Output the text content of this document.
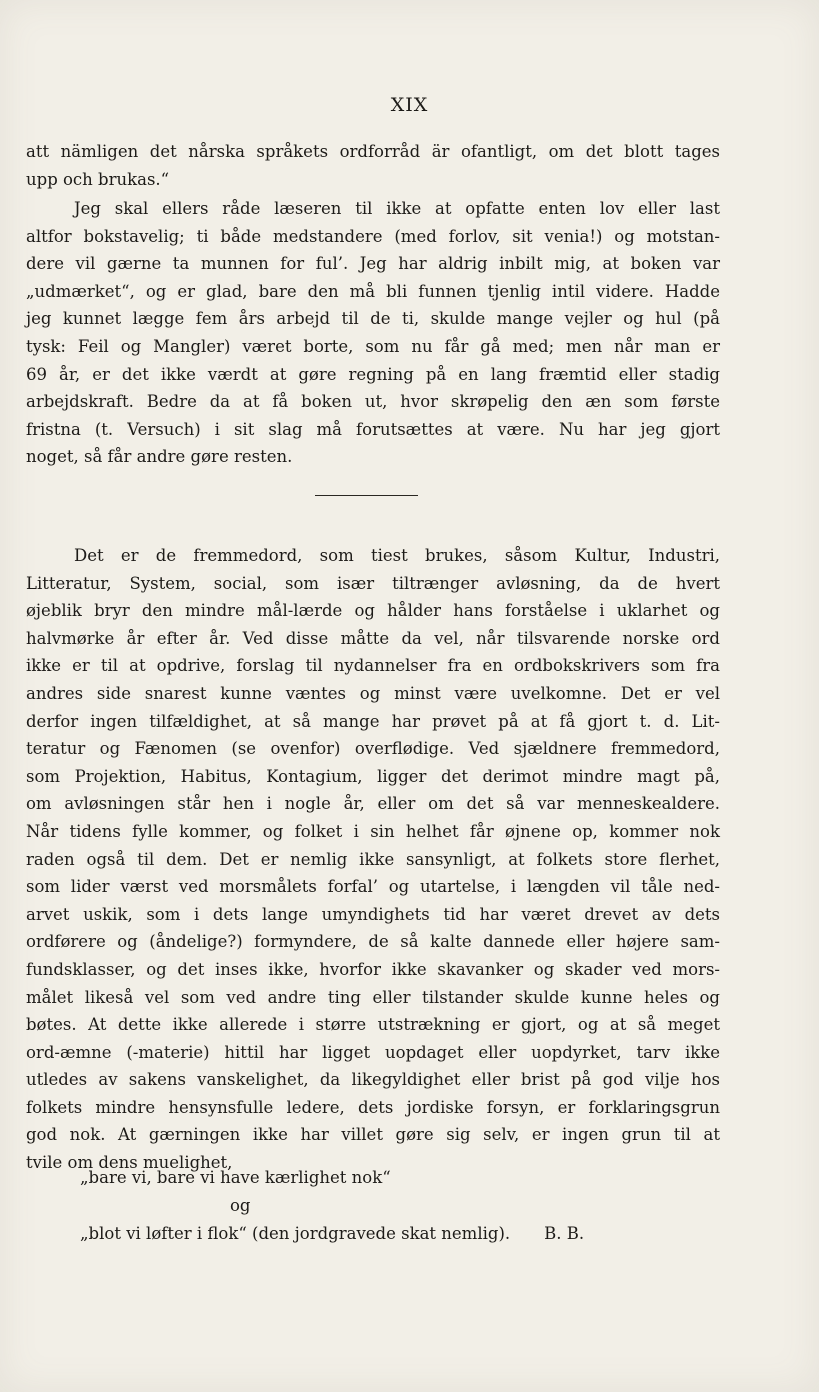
XIX
att nämligen det nårska språkets ordforråd är ofantligt, om det blott tages
upp och brukas.“
Jeg skal ellers råde læseren til ikke at opfatte enten lov eller last
altfor bokstavelig; ti både medstandere (med forlov, sit venia!) og motstan-
dere vil gærne ta munnen for ful’. Jeg har aldrig inbilt mig, at boken var
„udmærket“, og er glad, bare den må bli funnen tjenlig intil videre. Hadde
jeg kunnet lægge fem års arbejd til de ti, skulde mange vejler og hul (på
tysk: Feil og Mangler) været borte, som nu får gå med; men når man er
69 år, er det ikke værdt at gøre regning på en lang fræmtid eller stadig
arbejdskraft. Bedre da at få boken ut, hvor skrøpelig den æn som første
fristna (t. Versuch) i sit slag må forutsættes at være. Nu har jeg gjort
noget, så får andre gøre resten.
Det er de fremmedord, som tiest brukes, såsom Kultur, Industri,
Litteratur, System, social, som især tiltrænger avløsning, da de hvert
øjeblik bryr den mindre mål-lærde og hålder hans forståelse i uklarhet og
halvmørke år efter år. Ved disse måtte da vel, når tilsvarende norske ord
ikke er til at opdrive, forslag til nydannelser fra en ordbokskrivers som fra
andres side snarest kunne væntes og minst være uvelkomne. Det er vel
derfor ingen tilfældighet, at så mange har prøvet på at få gjort t. d. Lit-
teratur og Fænomen (se ovenfor) overflødige. Ved sjældnere fremmedord,
som Projektion, Habitus, Kontagium, ligger det derimot mindre magt på,
om avløsningen står hen i nogle år, eller om det så var menneskealdere.
Når tidens fylle kommer, og folket i sin helhet får øjnene op, kommer nok
raden også til dem. Det er nemlig ikke sansynligt, at folkets store flerhet,
som lider værst ved morsmålets forfal’ og utartelse, i længden vil tåle ned-
arvet uskik, som i dets lange umyndighets tid har været drevet av dets
ordførere og (åndelige?) formyndere, de så kalte dannede eller højere sam-
fundsklasser, og det inses ikke, hvorfor ikke skavanker og skader ved mors-
målet likeså vel som ved andre ting eller tilstander skulde kunne heles og
bøtes. At dette ikke allerede i større utstrækning er gjort, og at så meget
ord-æmne (-materie) hittil har ligget uopdaget eller uopdyrket, tarv ikke
utledes av sakens vanskelighet, da likegyldighet eller brist på god vilje hos
folkets mindre hensynsfulle ledere, dets jordiske forsyn, er forklaringsgrun
god nok. At gærningen ikke har villet gøre sig selv, er ingen grun til at
tvile om dens muelighet,
„bare vi, bare vi have kærlighet nok“
og
„blot vi løfter i flok“ (den jordgravede skat nemlig). B. B.
